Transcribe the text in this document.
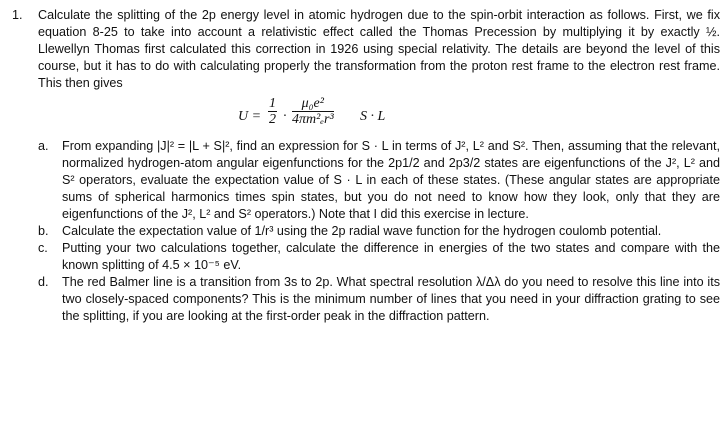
1.	Calculate the splitting of the 2p energy level in atomic hydrogen due to the spin-orbit interaction as follows. First, we fix equation 8-25 to take into account a relativistic effect called the Thomas Precession by multiplying it by exactly ½. Llewellyn Thomas first calculated this correction in 1926 using special relativity. The details are beyond the level of this course, but it has to do with calculating properly the transformation from the proton rest frame to the electron rest frame. This then gives
$U = \frac{1}{2} \cdot \frac{\text{μ₀e²}}{\text{4πm²ₑr³}}$ S · L
a. From expanding |J|² = |L + S|², find an expression for S · L in terms of J², L² and S². Then, assuming that the relevant, normalized hydrogen-atom angular eigenfunctions for the 2p1/2 and 2p3/2 states are eigenfunctions of the J², L² and S² operators, evaluate the expectation value of S · L in each of these states. (These angular states are appropriate sums of spherical harmonics times spin states, but you do not need to know how they look, only that they are eigenfunctions of the J², L² and S² operators.) Note that I did this exercise in lecture.
b. Calculate the expectation value of 1/r³ using the 2p radial wave function for the hydrogen coulomb potential.
c. Putting your two calculations together, calculate the difference in energies of the two states and compare with the known splitting of 4.5 × 10⁻⁵ eV.
d. The red Balmer line is a transition from 3s to 2p. What spectral resolution λ/Δλ do you need to resolve this line into its two closely-spaced components? This is the minimum number of lines that you need in your diffraction grating to see the splitting, if you are looking at the first-order peak in the diffraction pattern.
